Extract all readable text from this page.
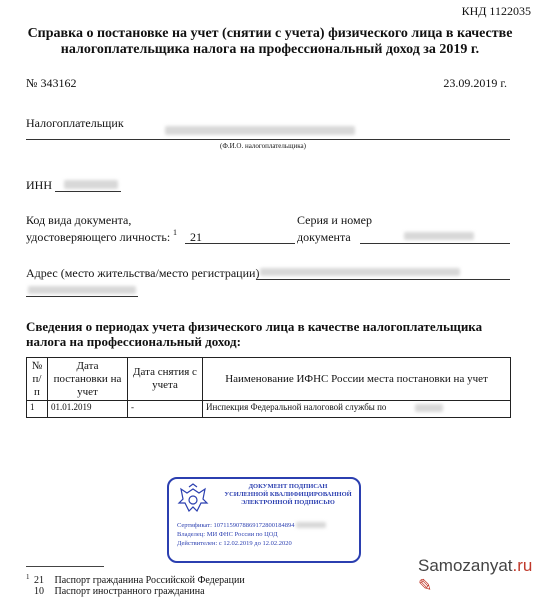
КНД 1122035
Справка о постановке на учет (снятии с учета) физического лица в качестве налогоплательщика налога на профессиональный доход за 2019 г.
№ 343162	23.09.2019 г.
Налогоплательщик
(Ф.И.О. налогоплательщика)
ИНН
Код вида документа,
удостоверяющего личность: 1 21
Серия и номер
документа
Адрес (место жительства/место регистрации)
Сведения о периодах учета физического лица в качестве налогоплательщика налога на профессиональный доход:
№ п/п	Дата постановки на учет	Дата снятия с учета	Наименование ИФНС России места постановки на учет
1	01.01.2019	-	Инспекция Федеральной налоговой службы по
ДОКУМЕНТ ПОДПИСАН
УСИЛЕННОЙ КВАЛИФИЦИРОВАННОЙ
ЭЛЕКТРОННОЙ ПОДПИСЬЮ
Сертификат: 1071159078869172800184894
Владелец: МИ ФНС России по ЦОД
Действителен: с 12.02.2019 до 12.02.2020
$^1$ 21 Паспорт гражданина Российской Федерации
10 Паспорт иностранного гражданина
Samozanyat.ru ✎
